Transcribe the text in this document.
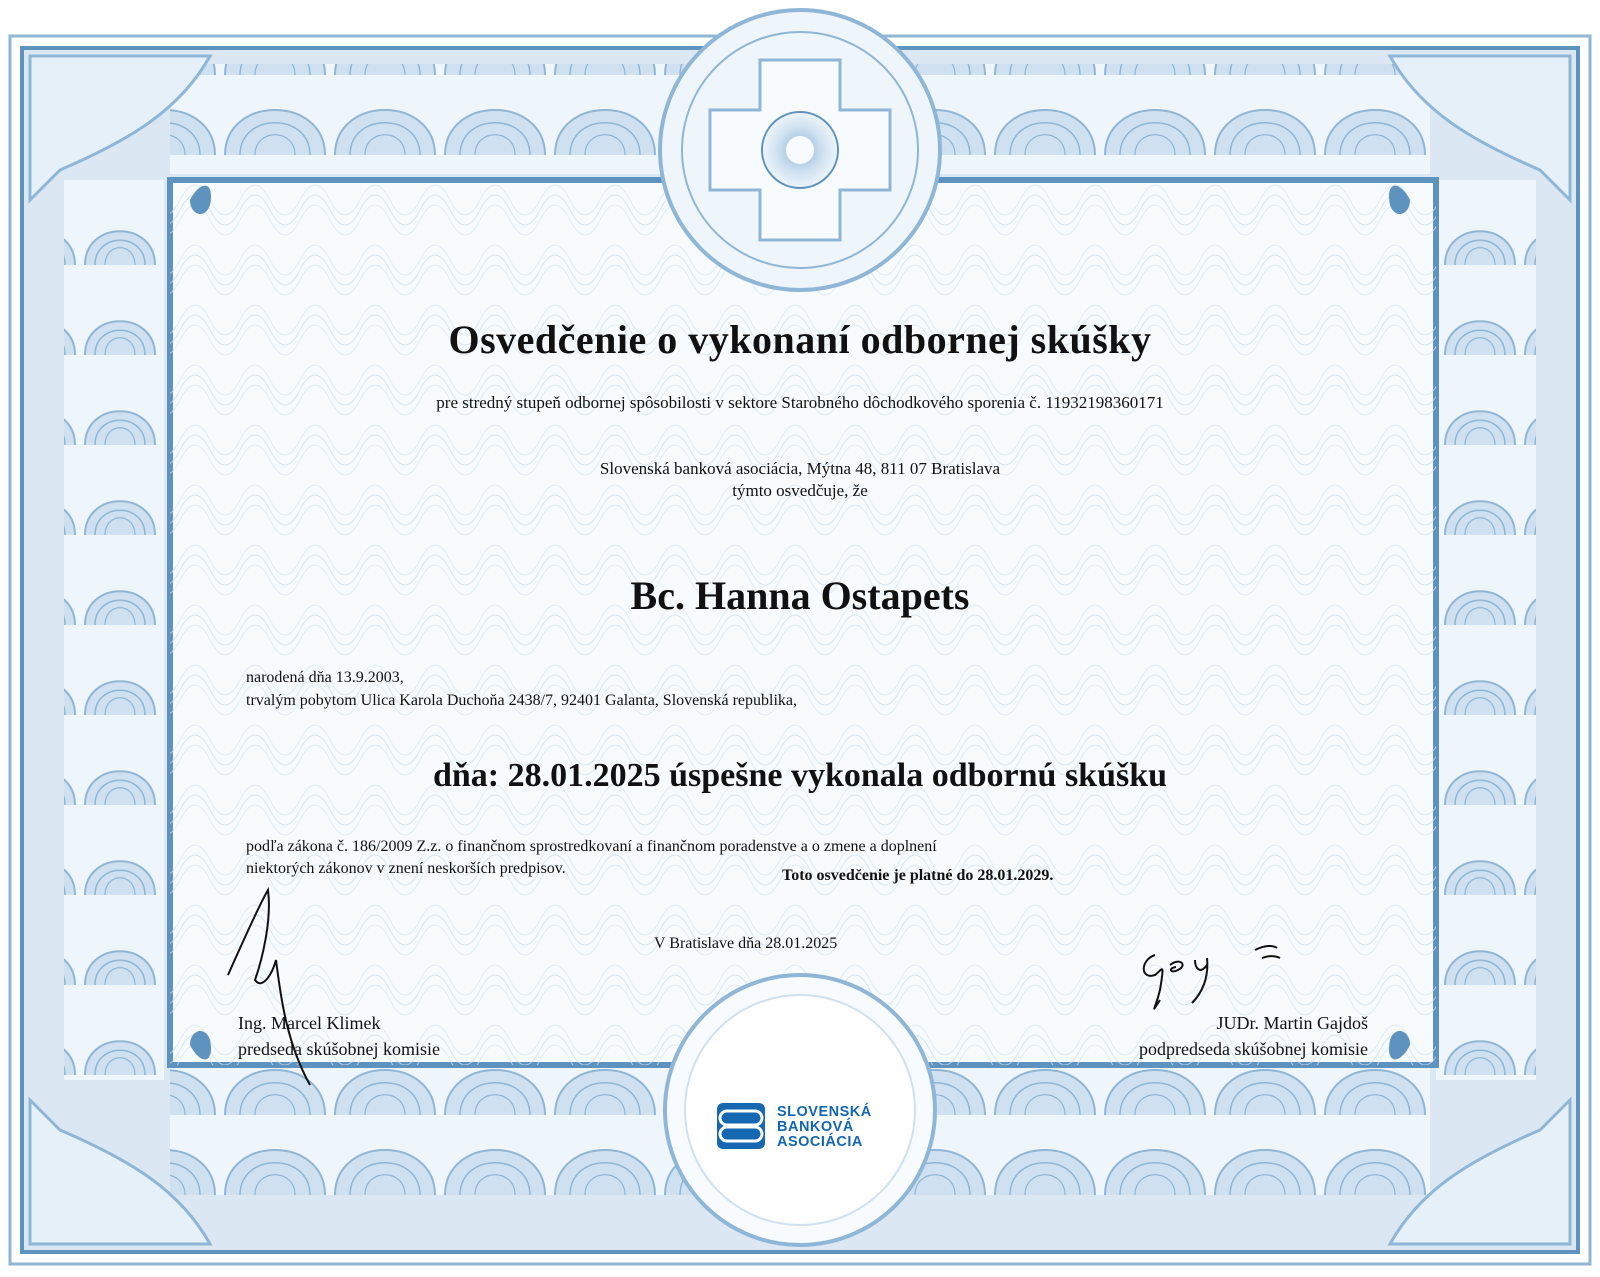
Osvedčenie o vykonaní odbornej skúšky

pre stredný stupeň odbornej spôsobilosti v sektore Starobného dôchodkového sporenia č. 11932198360171

Slovenská banková asociácia, Mýtna 48, 811 07 Bratislava
týmto osvedčuje, že

Bc. Hanna Ostapets

narodená dňa 13.9.2003,
trvalým pobytom Ulica Karola Duchoňa 2438/7, 92401 Galanta, Slovenská republika,

dňa: 28.01.2025 úspešne vykonala odbornú skúšku

podľa zákona č. 186/2009 Z.z. o finančnom sprostredkovaní a finančnom poradenstve a o zmene a doplnení
niektorých zákonov v znení neskorších predpisov.	Toto osvedčenie je platné do 28.01.2029.

V Bratislave dňa 28.01.2025

Ing. Marcel Klimek
predseda skúšobnej komisie
JUDr. Martin Gajdoš
podpredseda skúšobnej komisie
SLOVENSKÁ
BANKOVÁ
ASOCIÁCIA
